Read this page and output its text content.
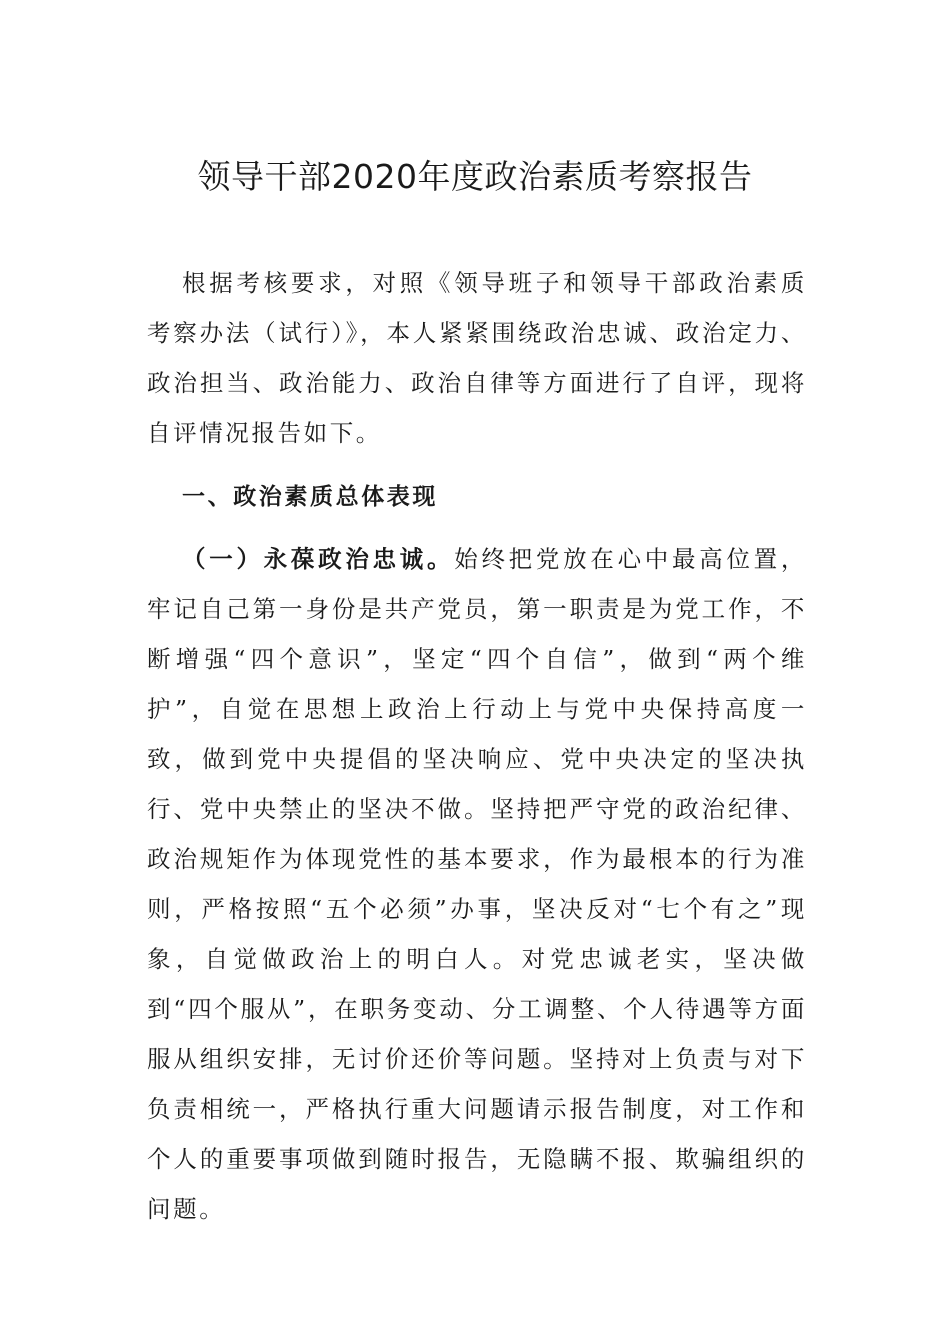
领导干部2020年度政治素质考察报告
根据考核要求，对照《领导班子和领导干部政治素质考察办法（试行）》，本人紧紧围绕政治忠诚、政治定力、政治担当、政治能力、政治自律等方面进行了自评，现将自评情况报告如下。
一、政治素质总体表现
（一）永葆政治忠诚。始终把党放在心中最高位置，牢记自己第一身份是共产党员，第一职责是为党工作，不断增强“四个意识”，坚定“四个自信”，做到“两个维护”，自觉在思想上政治上行动上与党中央保持高度一致，做到党中央提倡的坚决响应、党中央决定的坚决执行、党中央禁止的坚决不做。坚持把严守党的政治纪律、政治规矩作为体现党性的基本要求，作为最根本的行为准则，严格按照“五个必须”办事，坚决反对“七个有之”现象，自觉做政治上的明白人。对党忠诚老实，坚决做到“四个服从”，在职务变动、分工调整、个人待遇等方面服从组织安排，无讨价还价等问题。坚持对上负责与对下负责相统一，严格执行重大问题请示报告制度，对工作和个人的重要事项做到随时报告，无隐瞒不报、欺骗组织的问题。
